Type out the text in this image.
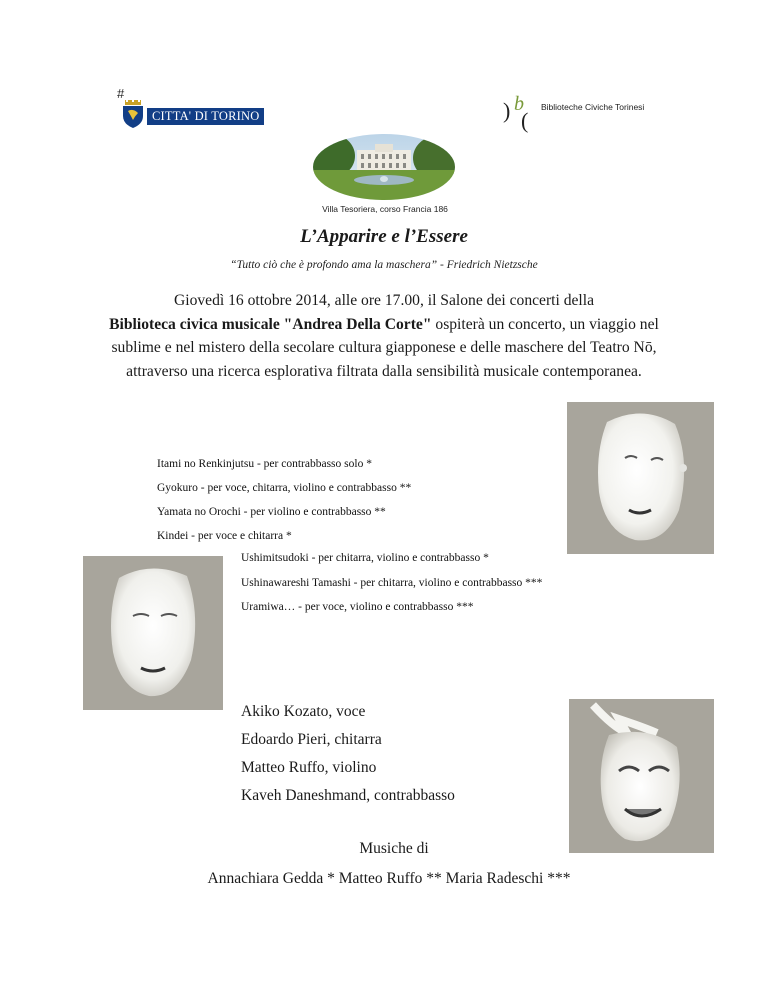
#
CITTA' DI TORINO	) b
(
Biblioteche Civiche Torinesi
Villa Tesoriera, corso Francia 186
L’Apparire e l’Essere
“Tutto ciò che è profondo ama la maschera” - Friedrich Nietzsche
Giovedì 16 ottobre 2014, alle ore 17.00, il Salone dei concerti della
Biblioteca civica musicale "Andrea Della Corte" ospiterà un concerto, un viaggio nel sublime e nel mistero della secolare cultura giapponese e delle maschere del Teatro Nō, attraverso una ricerca esplorativa filtrata dalla sensibilità musicale contemporanea.
Itami no Renkinjutsu - per contrabbasso solo *
Gyokuro - per voce, chitarra, violino e contrabbasso **
Yamata no Orochi - per violino e contrabbasso **
Kindei - per voce e chitarra *
Ushimitsudoki - per chitarra, violino e contrabbasso *
Ushinawareshi Tamashi - per chitarra, violino e contrabbasso ***
Uramiwa… - per voce, violino e contrabbasso ***
Akiko Kozato, voce
Edoardo Pieri, chitarra
Matteo Ruffo, violino
Kaveh Daneshmand, contrabbasso
Musiche di
Annachiara Gedda * Matteo Ruffo ** Maria Radeschi ***
